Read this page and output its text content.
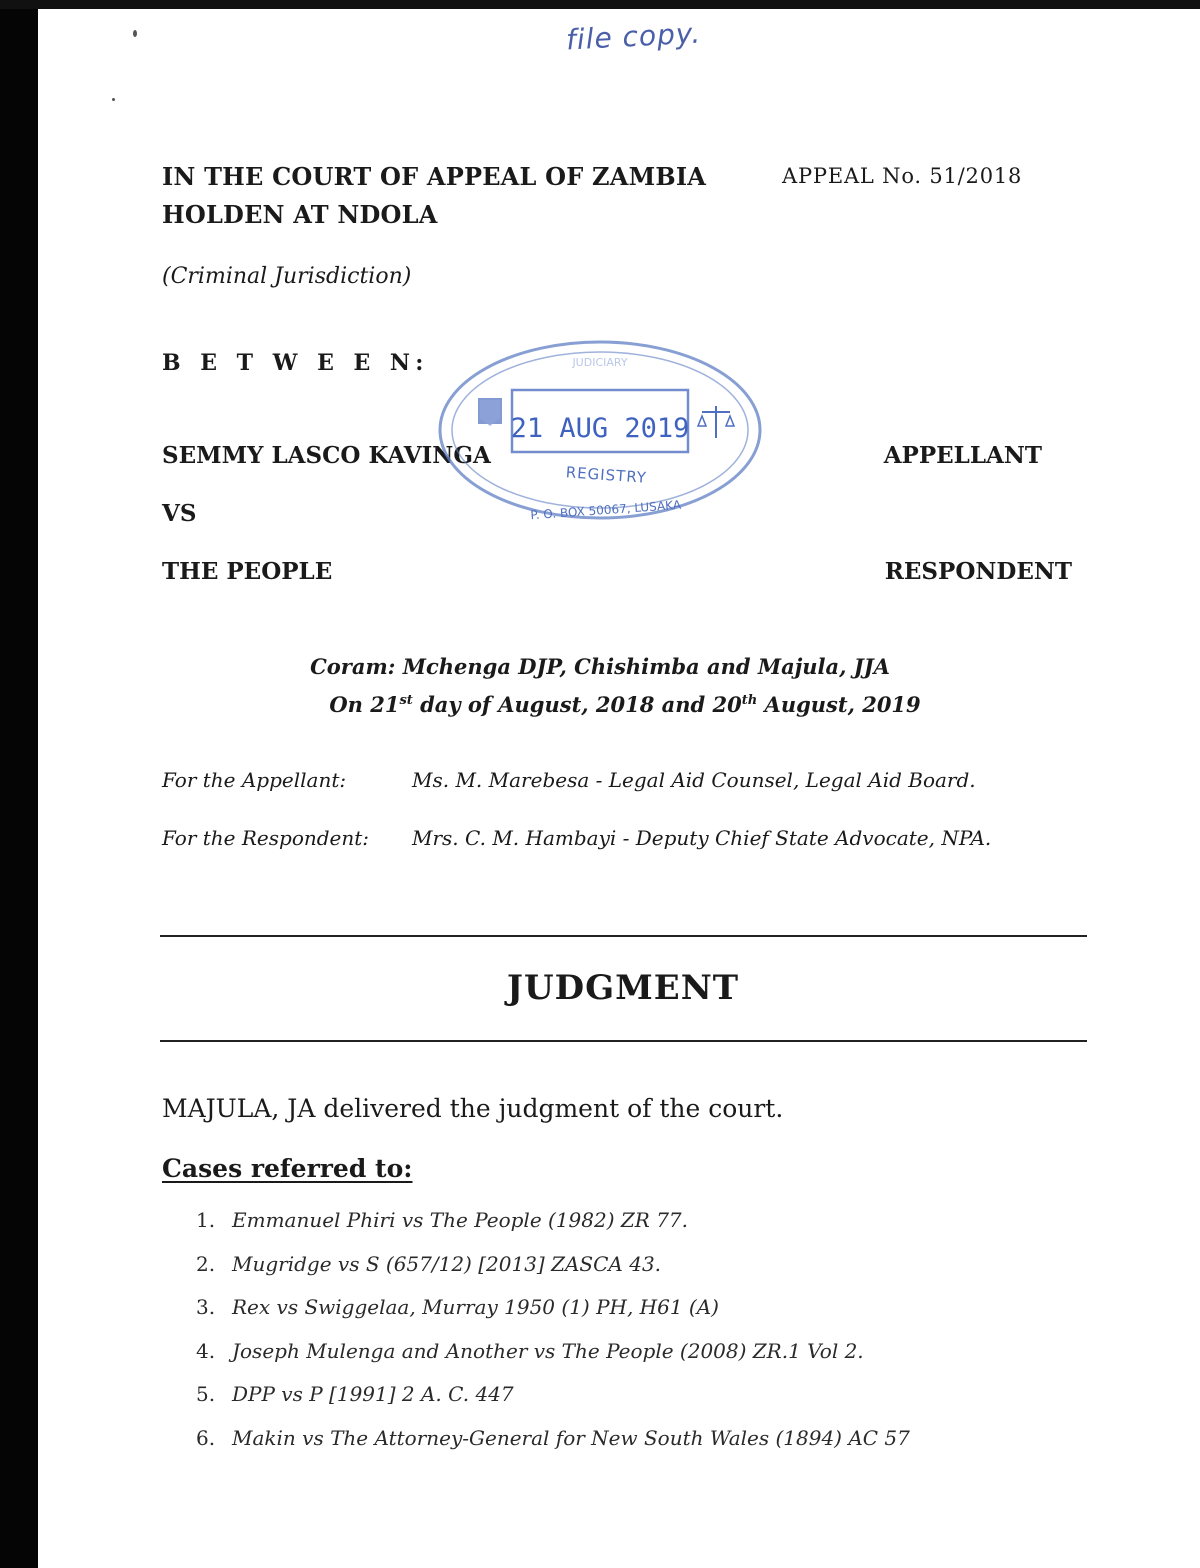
file copy.
IN THE COURT OF APPEAL OF ZAMBIA
HOLDEN AT NDOLA
APPEAL No. 51/2018
(Criminal Jurisdiction)
B E T W E E N:
SEMMY LASCO KAVINGA	APPELLANT
VS
THE PEOPLE	RESPONDENT
JUDICIARY
21 AUG 2019
REGISTRY
P. O. BOX 50067, LUSAKA
Coram: Mchenga DJP, Chishimba and Majula, JJA
On 21st day of August, 2018 and 20th August, 2019
For the Appellant:	Ms. M. Marebesa - Legal Aid Counsel, Legal Aid Board.
For the Respondent: Mrs. C. M. Hambayi - Deputy Chief State Advocate, NPA.
JUDGMENT
MAJULA, JA delivered the judgment of the court.
Cases referred to:
1. Emmanuel Phiri vs The People (1982) ZR 77.
2. Mugridge vs S (657/12) [2013] ZASCA 43.
3. Rex vs Swiggelaa, Murray 1950 (1) PH, H61 (A)
4. Joseph Mulenga and Another vs The People (2008) ZR.1 Vol 2.
5. DPP vs P [1991] 2 A. C. 447
6. Makin vs The Attorney-General for New South Wales (1894) AC 57
